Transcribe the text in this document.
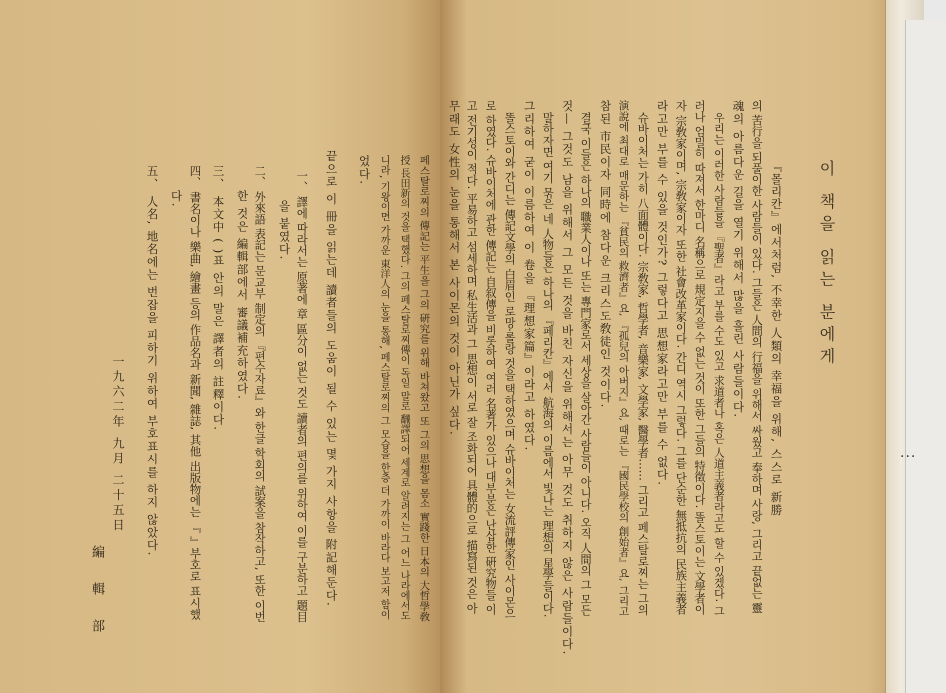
페스탈로찌의 傳記는 平生을 그의 硏究를 위해 바쳐왔고 또 그의 思想을 몸소 實踐한 日本의 大哲學敎
授 長田新의 것을 택했다. 그의 페스탈로찌傳이 독일 말로 飜譯되어 세계로 알려지는 그 어느 나라에서도
니라, 기왕이면 가까운 東洋人의 눈을 통해, 페스탈로찌의 그 모습을 한층 더 가까이 바라다 보고저 함이
었다.
끝으로 이 冊을 읽는데 讀者들의 도움이 될 수 있는 몇 가지 사항을 附記해둔다.
一、 譯에 따라서는 原著에 章 區分이 없는 것도 讀者의 편의를 위하여 이를 구분하고 題目
을 붙였다.
二、 外來語 表記는 문교부 制定의 『편수자료』와 한글 학회의 試案을 참작하고, 또한 이번
한 것은 編輯部에서 審議補充하였다.
三、 本文中 ( )표 안의 말은 譯者의 註釋이다.
四、 書名이나 樂曲, 繪畫 등의 作品名과 新聞, 雜誌, 其他 出版物에는 『 』부호로 표시했
다.
五、 人名, 地名에는 번잡을 피하기 위하여 부호표시를 하지 않았다.
一九六二年 九月 二十五日
編 輯 部
이 책을 읽는 분에게
『몰리칸』에서처럼, 不幸한 人類의 幸福을 위해, 스스로 新勝
의 苦行을 되풀이한 사람들이 있다. 그들은 人間의 行福을 위해서 싸웠고 奉하며 사랑, 그리고 끝없는 靈
魂의 아름다운 길을 열기 위해서 많을 흘린 사람들이다.
우리는 이러한 사람들을 『聖者』라고 부를 수도 있고 求道者나 혹은 人道主義者라고도 할 수 있겠다. 그
러나 엄밀히 따져서 한마디 名稱으로 規定지을 수 없는 것이 또한 그들의 特徵이다. 똘스토이는 文學者이
자 宗敎家이며, 宗敎家이자 또한 社會改革家이다. 간디 역시 그렇다. 그를 단순한 無抵抗의 民族主義者
라고만 부를 수 있을 것인가? 그렇다고 思想家라고만 부를 수 없다.
슈바이처는 가히 八面體이다. 宗敎家, 哲學者, 音樂家, 文學家, 醫學者…… 그리고 페스탈로찌는 그의
演說에 최대로 매문하는 『貧民의 救濟者』요, 『孤兒의 아버지』요, 때로는 『國民學校의 創始者』요, 그리고
참된 市民이자 同時에 참다운 크리스도敎徒인 것이다.
결국 이들은 하나의 職業人이나 또는 專門家로서 세상을 살아간 사람들이 아니다. 오직 人間의 그 모든
것— 그것도 남을 위해서 그 모든 것을 바친 자신을 위해서는 아무 것도 취하지 않은 사람들이다.
말하자면 여기 묶은 네 人物들은 하나의 『페리칸』에서 航海의 이름에서 빛나는 理想의 星學들이다.
그리하여 굳이 이름하여 이 卷을 『理想家篇』이라고 하였다.
똘스토이와 간디는 傳記文學의 白眉인 로망·롤랑 것을 택하였으며 슈바이처는 女流評傳家인 사이몬으
로 하였다. 슈바이처에 관한 傳記는 自叙傳을 비롯하여 여러 名著가 있으나 대부분은 난삽한 硏究物들 이
고 전기성이 적다. 平易하고 섬세하며 私生活과 그 思想이 서로 잘 조화되어 具體的으로 描寫된 것은 아
무래도 女性의 눈을 통해서 본 사이몬의 것이 아닌가 싶다.
...
